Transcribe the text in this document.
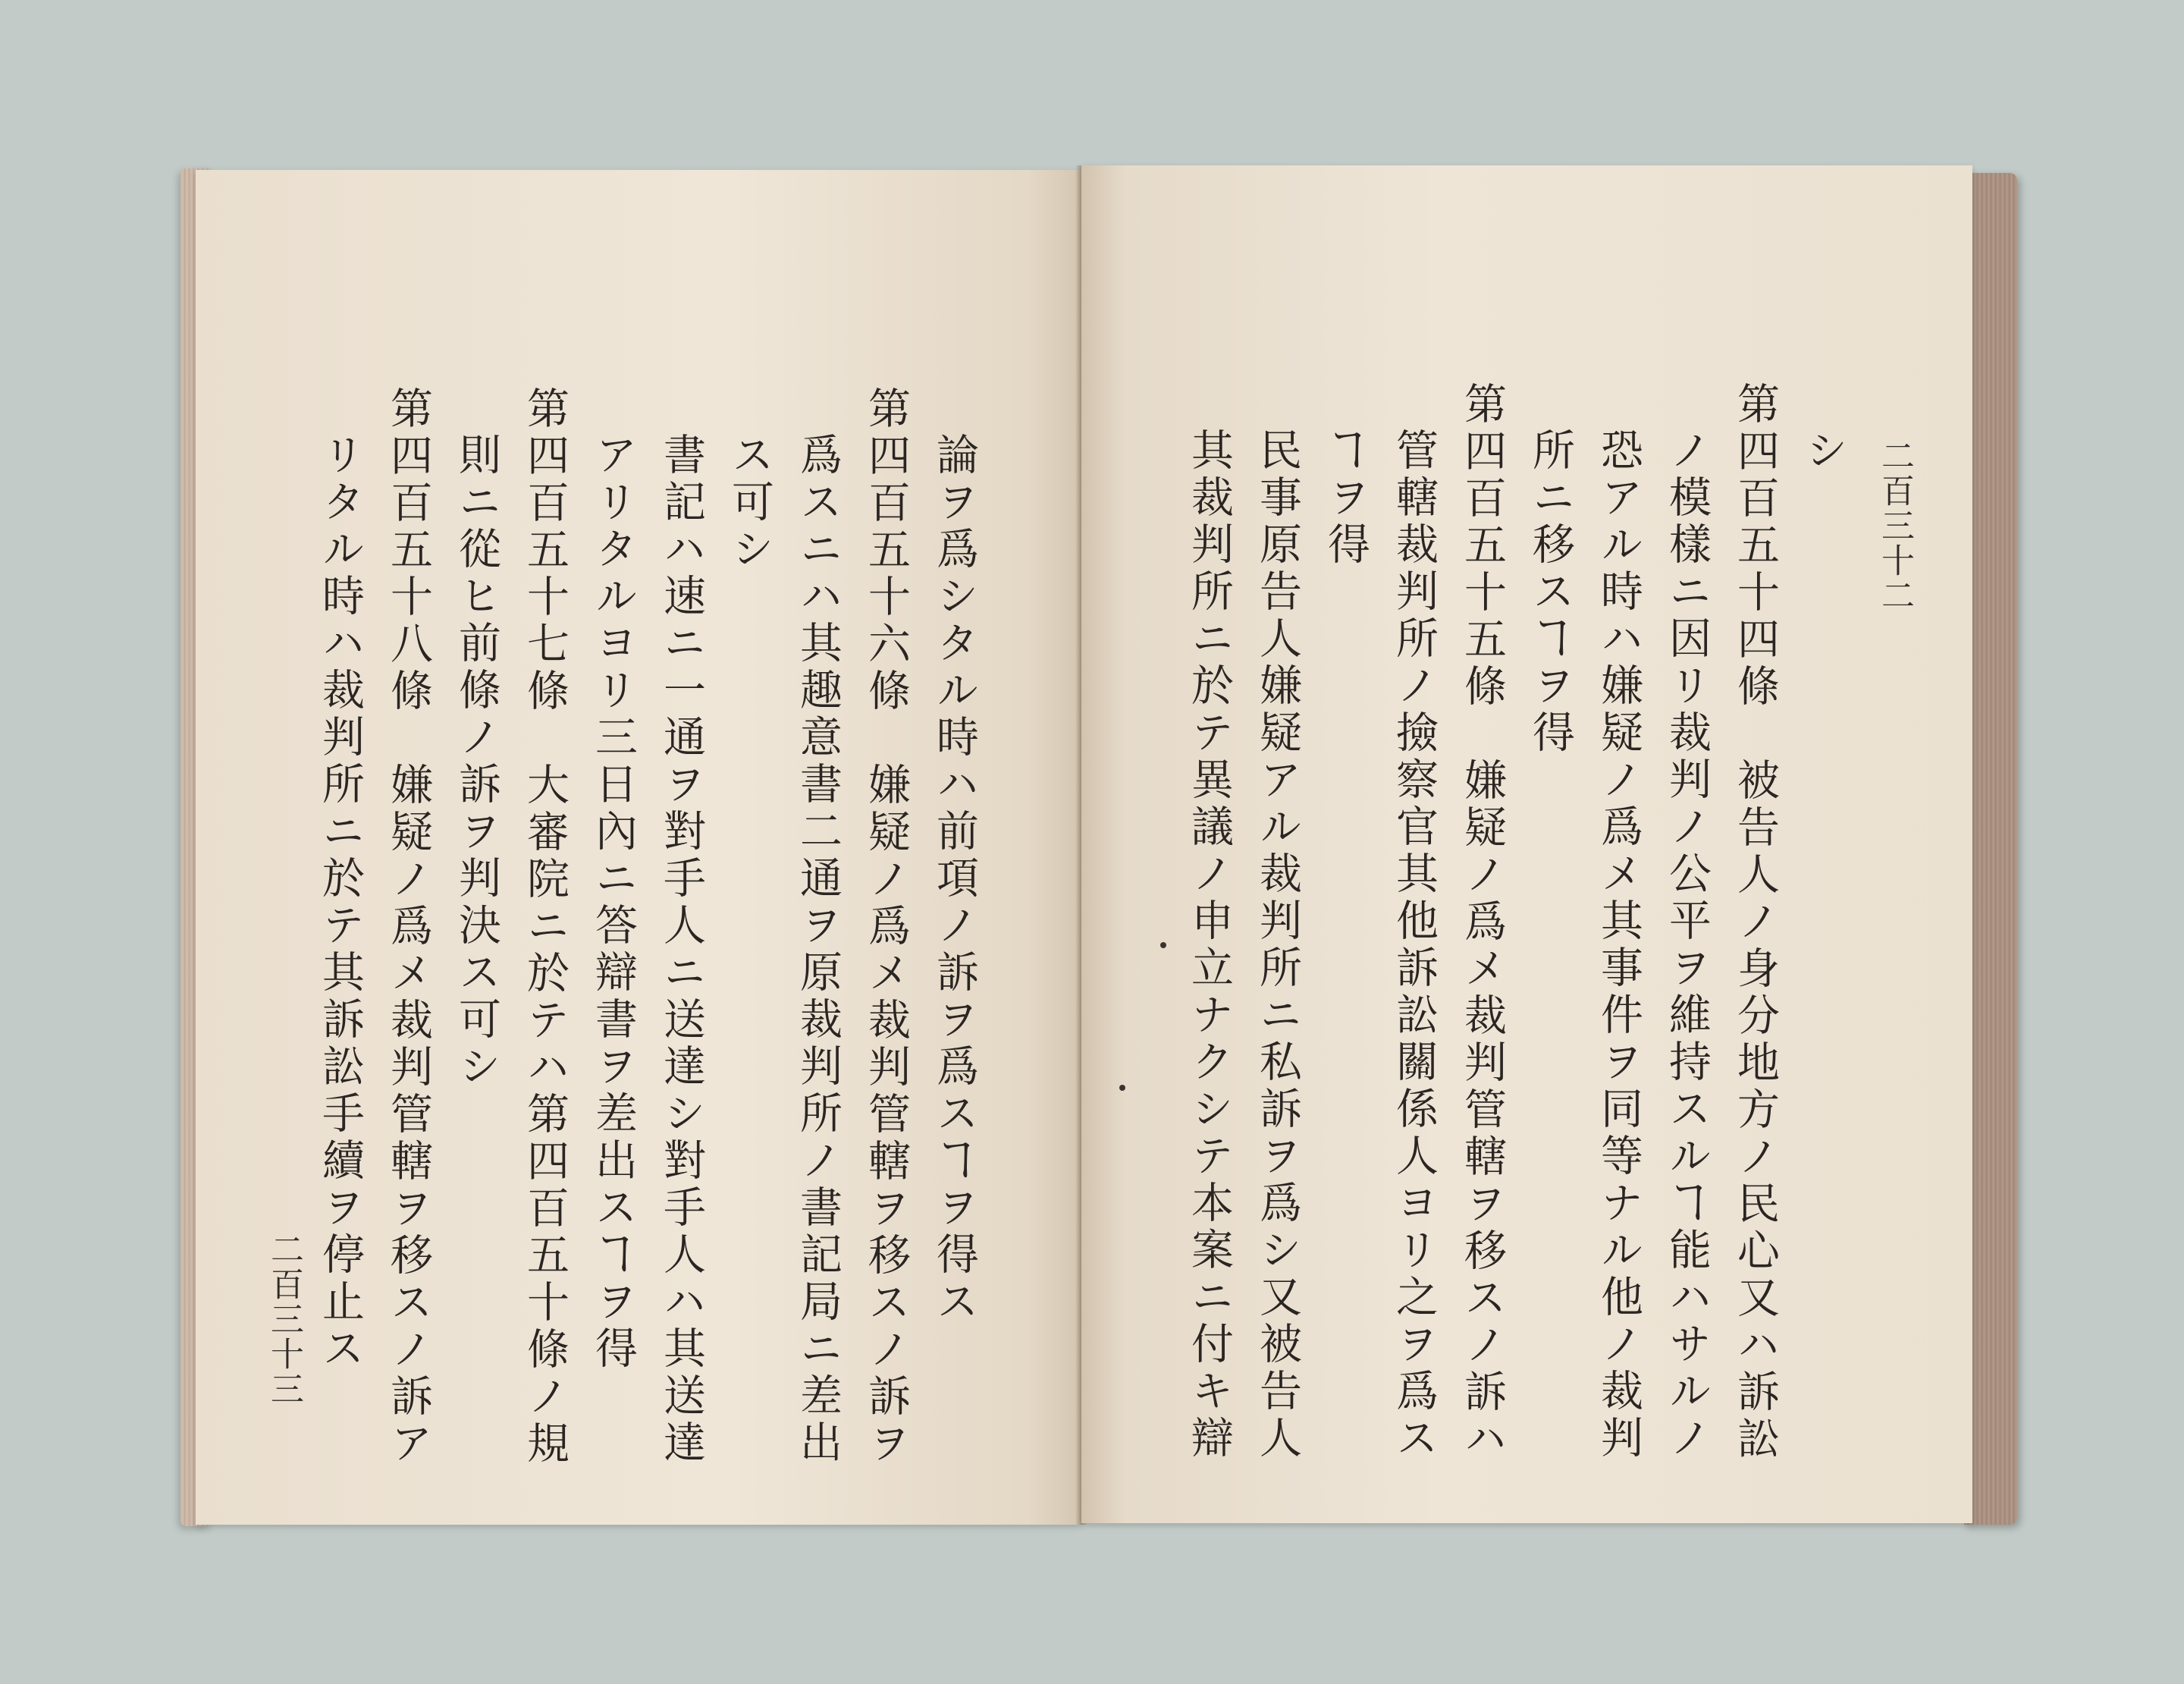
論ヲ爲シタル時ハ前項ノ訴ヲ爲スヿヲ得ス
第四百五十六條　嫌疑ノ爲メ裁判管轄ヲ移スノ訴ヲ
爲スニハ其趣意書二通ヲ原裁判所ノ書記局ニ差出
ス可シ
書記ハ速ニ一通ヲ對手人ニ送達シ對手人ハ其送達
アリタルヨリ三日內ニ答辯書ヲ差出スヿヲ得
第四百五十七條　大審院ニ於テハ第四百五十條ノ規
則ニ從ヒ前條ノ訴ヲ判決ス可シ
第四百五十八條　嫌疑ノ爲メ裁判管轄ヲ移スノ訴ア
リタル時ハ裁判所ニ於テ其訴訟手續ヲ停止ス
二百三十三
二百三十二
シ
第四百五十四條　被告人ノ身分地方ノ民心又ハ訴訟
ノ模樣ニ因リ裁判ノ公平ヲ維持スルヿ能ハサルノ
恐アル時ハ嫌疑ノ爲メ其事件ヲ同等ナル他ノ裁判
所ニ移スヿヲ得
第四百五十五條　嫌疑ノ爲メ裁判管轄ヲ移スノ訴ハ
管轄裁判所ノ撿察官其他訴訟關係人ヨリ之ヲ爲ス
ヿヲ得
民事原告人嫌疑アル裁判所ニ私訴ヲ爲シ又被告人
其裁判所ニ於テ異議ノ申立ナクシテ本案ニ付キ辯
